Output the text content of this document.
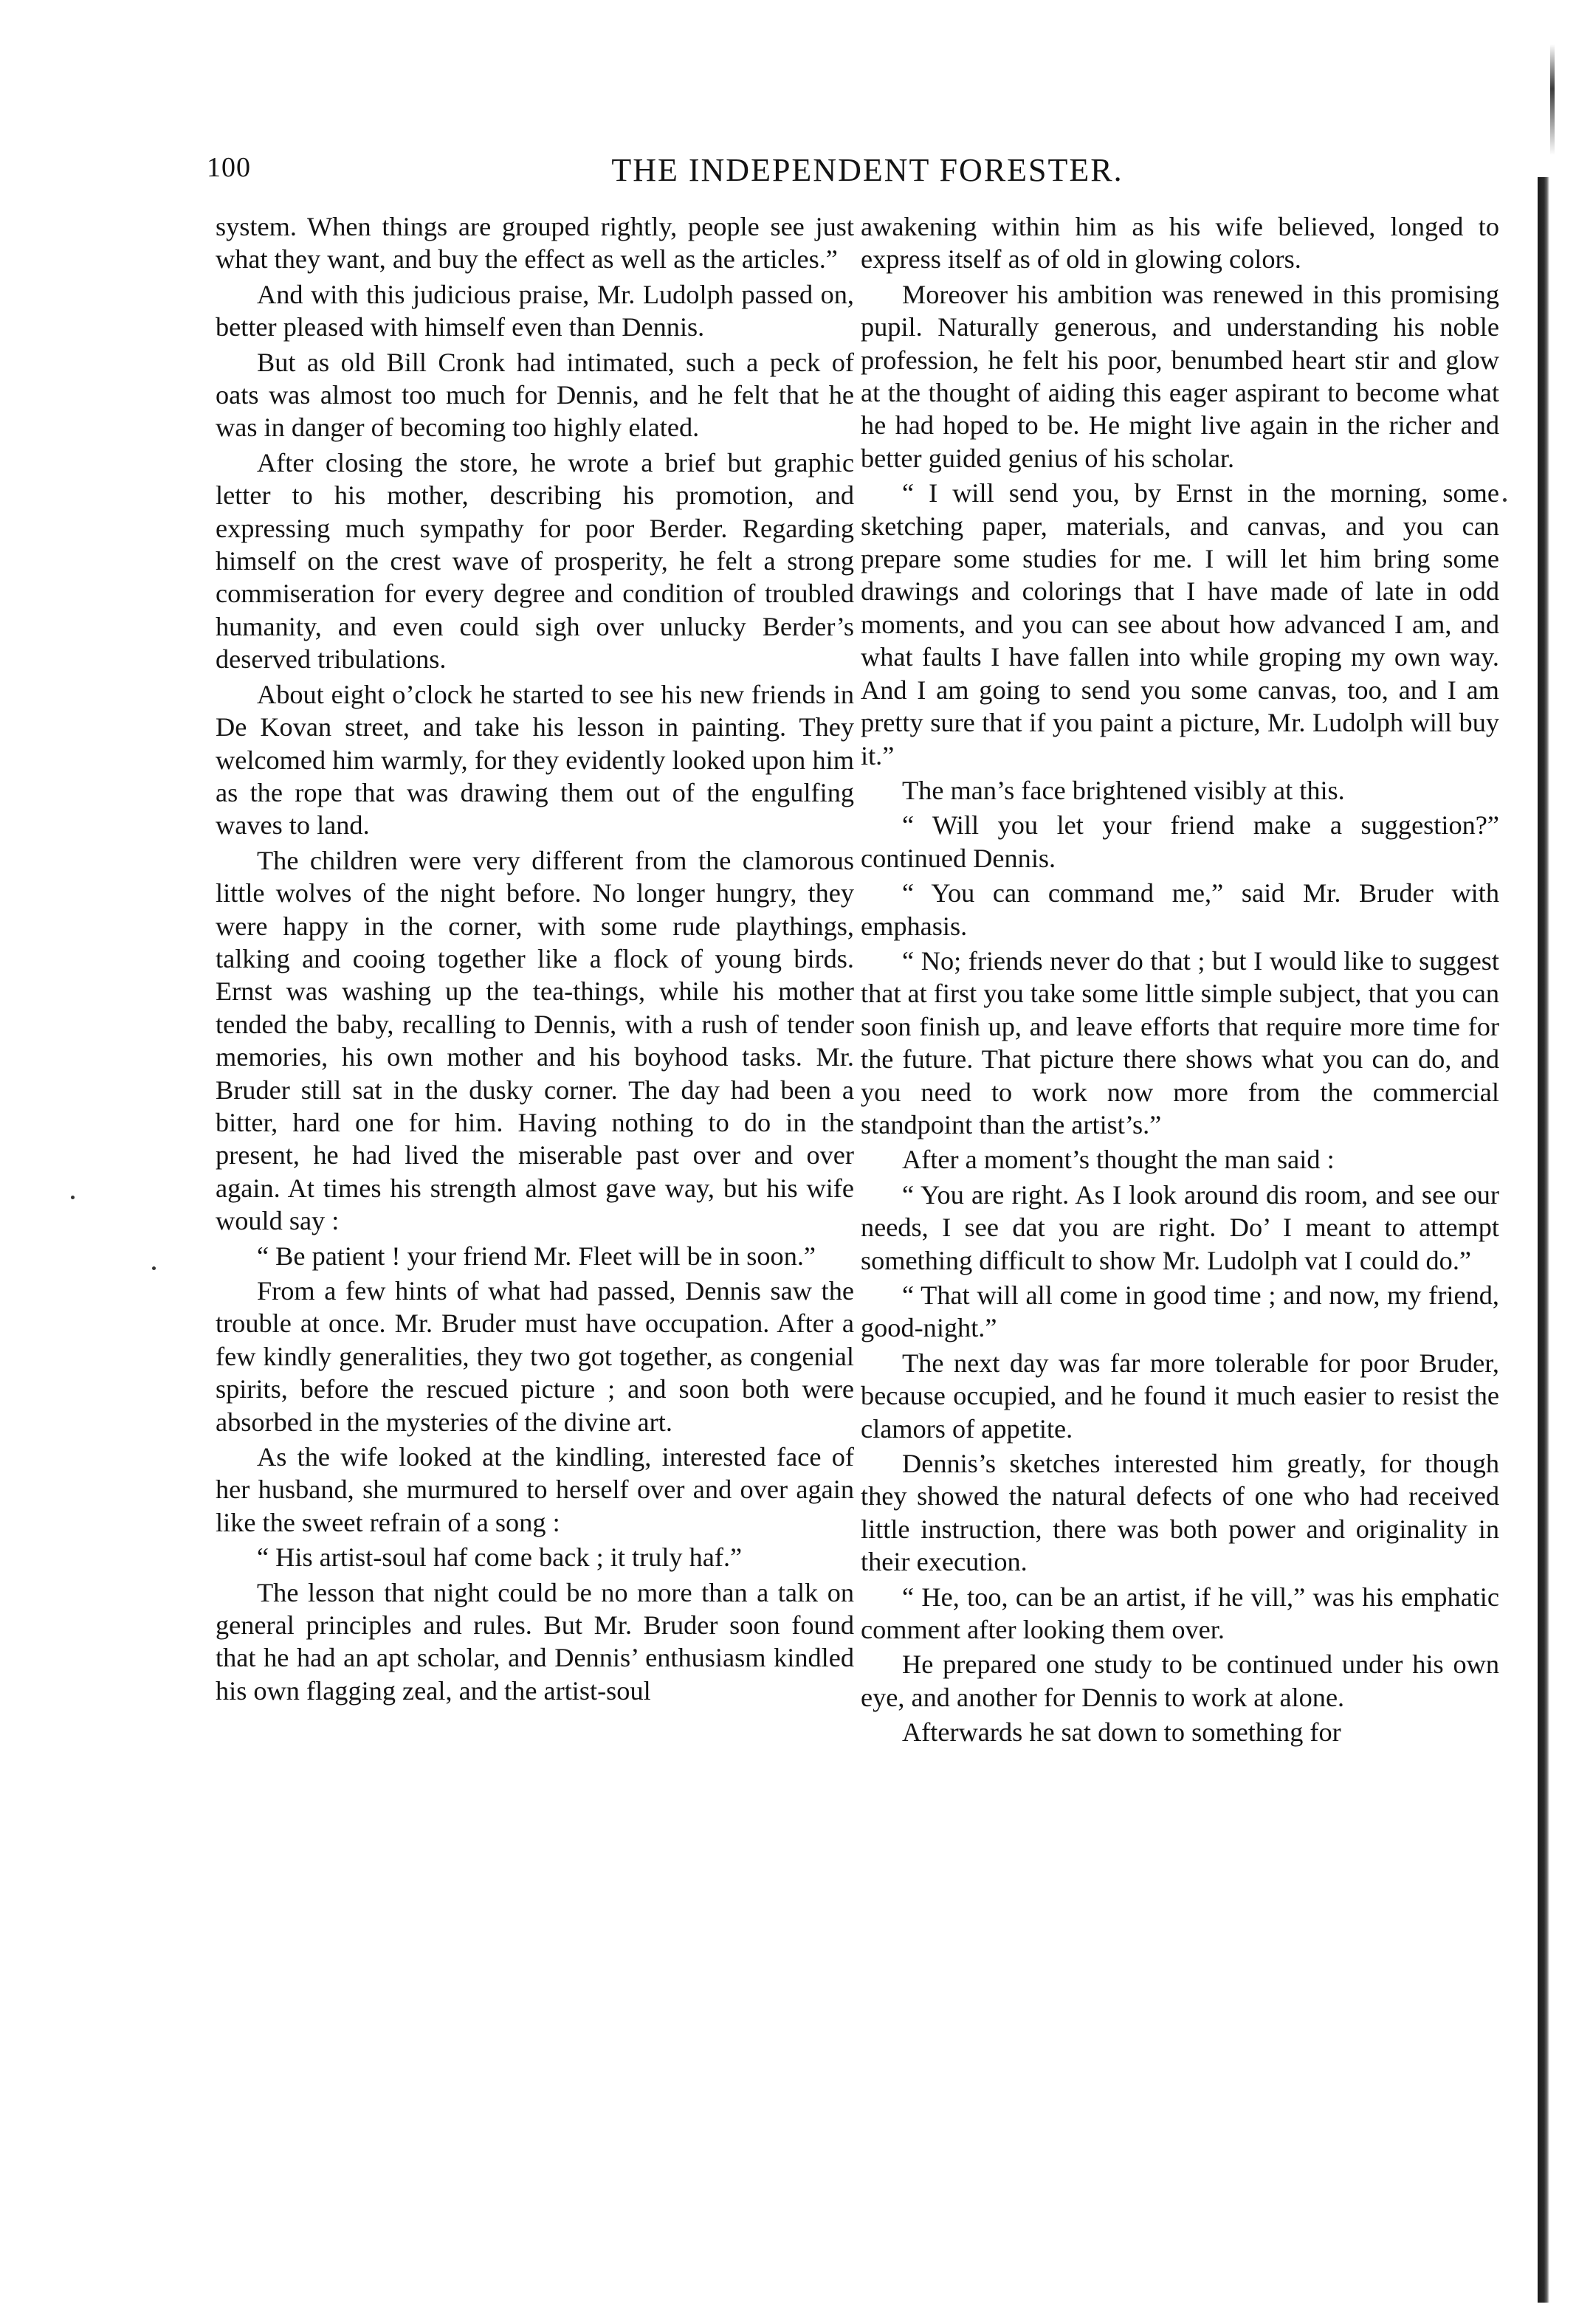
100	THE INDEPENDENT FORESTER.

system. When things are grouped rightly, people see just what they want, and buy the effect as well as the articles.”

And with this judicious praise, Mr. Ludolph passed on, better pleased with himself even than Dennis.

But as old Bill Cronk had intimated, such a peck of oats was almost too much for Dennis, and he felt that he was in danger of becoming too highly elated.

After closing the store, he wrote a brief but graphic letter to his mother, describing his promotion, and expressing much sympathy for poor Berder. Regarding himself on the crest wave of prosperity, he felt a strong commiseration for every degree and condition of troubled humanity, and even could sigh over unlucky Berder’s deserved tribulations.

About eight o’clock he started to see his new friends in De Kovan street, and take his lesson in painting. They welcomed him warmly, for they evidently looked upon him as the rope that was drawing them out of the engulfing waves to land.

The children were very different from the clamorous little wolves of the night before. No longer hungry, they were happy in the corner, with some rude playthings, talking and cooing together like a flock of young birds. Ernst was washing up the tea-things, while his mother tended the baby, recalling to Dennis, with a rush of tender memories, his own mother and his boyhood tasks. Mr. Bruder still sat in the dusky corner. The day had been a bitter, hard one for him. Having nothing to do in the present, he had lived the miserable past over and over again. At times his strength almost gave way, but his wife would say :

“ Be patient ! your friend Mr. Fleet will be in soon.”

From a few hints of what had passed, Dennis saw the trouble at once. Mr. Bruder must have occupation. After a few kindly generalities, they two got together, as congenial spirits, before the rescued picture ; and soon both were absorbed in the mysteries of the divine art.

As the wife looked at the kindling, interested face of her husband, she murmured to herself over and over again like the sweet refrain of a song :

“ His artist-soul haf come back ; it truly haf.”

The lesson that night could be no more than a talk on general principles and rules. But Mr. Bruder soon found that he had an apt scholar, and Dennis’ enthusiasm kindled his own flagging zeal, and the artist-soul

awakening within him as his wife believed, longed to express itself as of old in glowing colors.

Moreover his ambition was renewed in this promising pupil. Naturally generous, and understanding his noble profession, he felt his poor, benumbed heart stir and glow at the thought of aiding this eager aspirant to become what he had hoped to be. He might live again in the richer and better guided genius of his scholar.

“ I will send you, by Ernst in the morning, some sketching paper, materials, and canvas, and you can prepare some studies for me. I will let him bring some drawings and colorings that I have made of late in odd moments, and you can see about how advanced I am, and what faults I have fallen into while groping my own way. And I am going to send you some canvas, too, and I am pretty sure that if you paint a picture, Mr. Ludolph will buy it.”

The man’s face brightened visibly at this.

“ Will you let your friend make a suggestion?” continued Dennis.

“ You can command me,” said Mr. Bruder with emphasis.

“ No; friends never do that ; but I would like to suggest that at first you take some little simple subject, that you can soon finish up, and leave efforts that require more time for the future. That picture there shows what you can do, and you need to work now more from the commercial standpoint than the artist’s.”

After a moment’s thought the man said :

“ You are right. As I look around dis room, and see our needs, I see dat you are right. Do’ I meant to attempt something difficult to show Mr. Ludolph vat I could do.”

“ That will all come in good time ; and now, my friend, good-night.”

The next day was far more tolerable for poor Bruder, because occupied, and he found it much easier to resist the clamors of appetite.

Dennis’s sketches interested him greatly, for though they showed the natural defects of one who had received little instruction, there was both power and originality in their execution.

“ He, too, can be an artist, if he vill,” was his emphatic comment after looking them over.

He prepared one study to be continued under his own eye, and another for Dennis to work at alone.

Afterwards he sat down to something for
